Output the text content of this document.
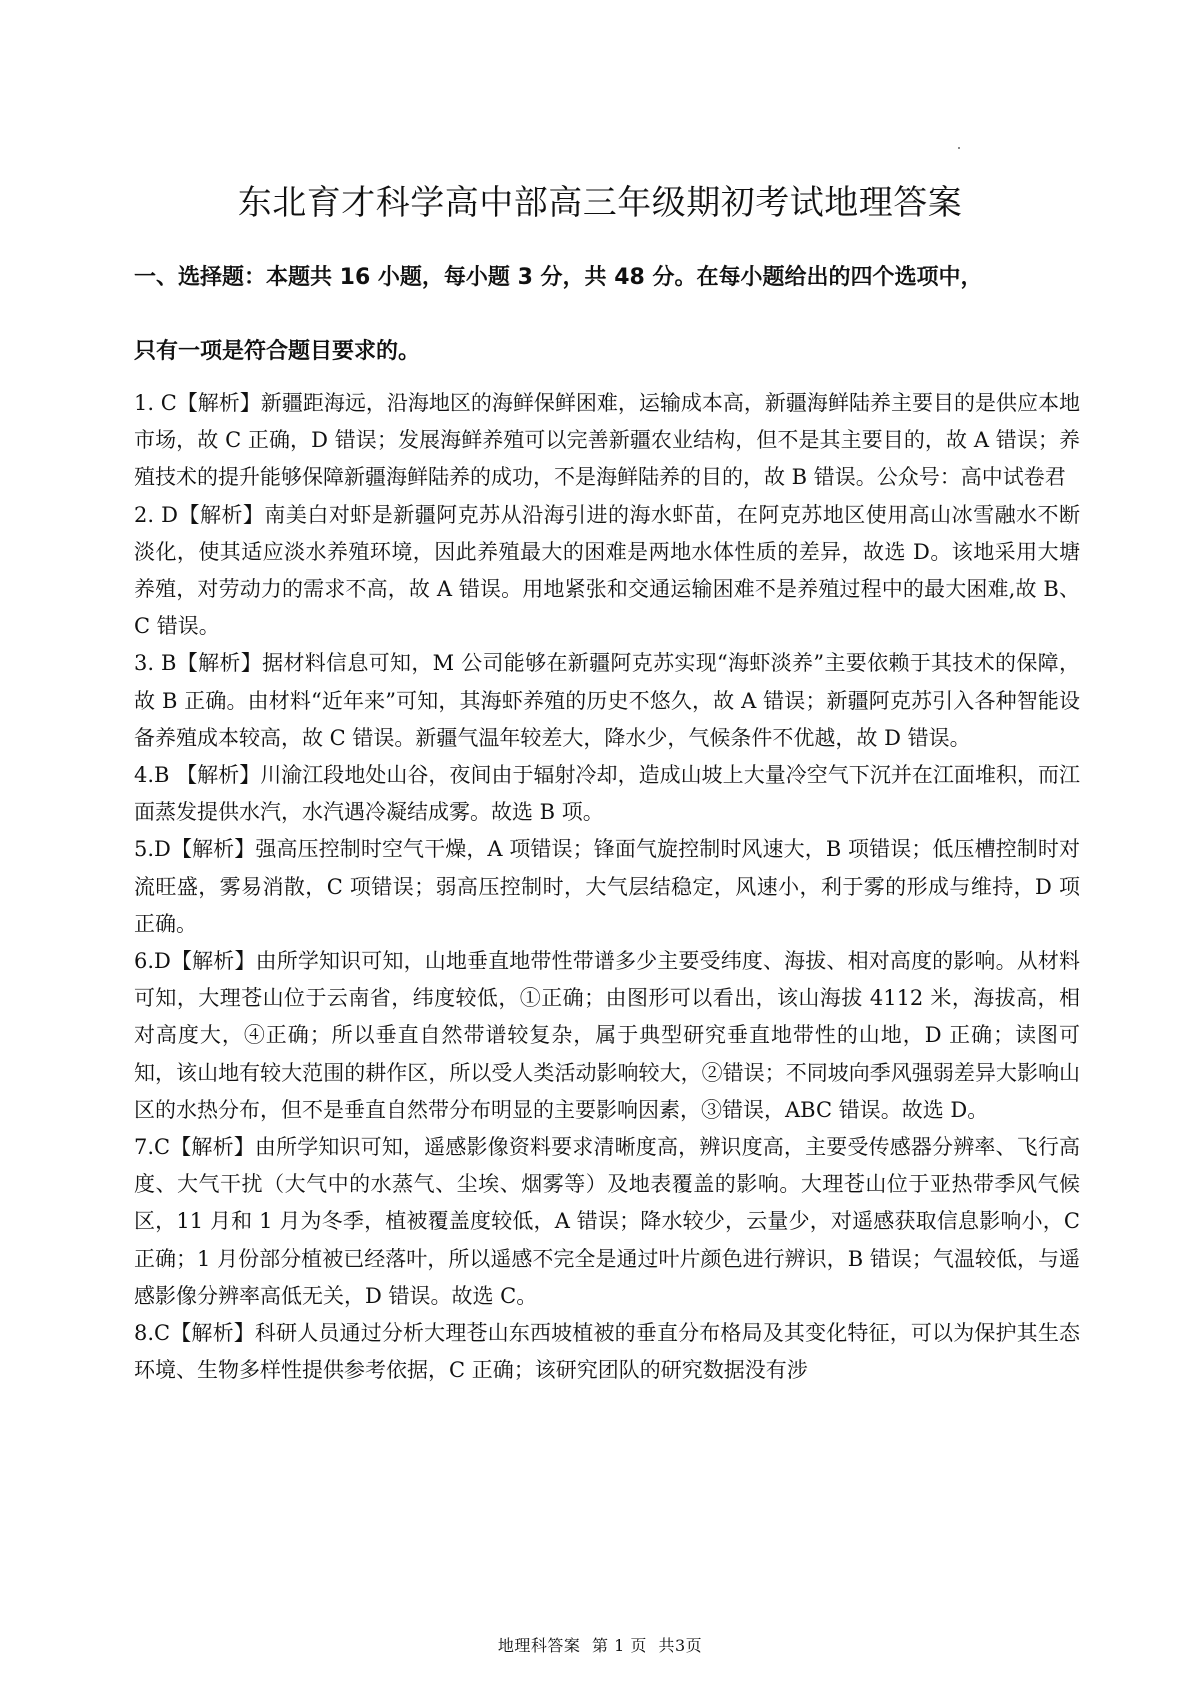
东北育才科学高中部高三年级期初考试地理答案

一、选择题：本题共 16 小题，每小题 3 分，共 48 分。在每小题给出的四个选项中，

只有一项是符合题目要求的。

1. C【解析】新疆距海远，沿海地区的海鲜保鲜困难，运输成本高，新疆海鲜陆养主要目的是供应本地市场，故 C 正确，D 错误；发展海鲜养殖可以完善新疆农业结构，但不是其主要目的，故 A 错误；养殖技术的提升能够保障新疆海鲜陆养的成功，不是海鲜陆养的目的，故 B 错误。公众号：高中试卷君
2. D【解析】南美白对虾是新疆阿克苏从沿海引进的海水虾苗，在阿克苏地区使用高山冰雪融水不断淡化，使其适应淡水养殖环境，因此养殖最大的困难是两地水体性质的差异，故选 D。该地采用大塘养殖，对劳动力的需求不高，故 A 错误。用地紧张和交通运输困难不是养殖过程中的最大困难,故 B、C 错误。
3. B【解析】据材料信息可知，M 公司能够在新疆阿克苏实现“海虾淡养”主要依赖于其技术的保障，故 B 正确。由材料“近年来”可知，其海虾养殖的历史不悠久，故 A 错误；新疆阿克苏引入各种智能设备养殖成本较高，故 C 错误。新疆气温年较差大，降水少，气候条件不优越，故 D 错误。
4.B 【解析】川渝江段地处山谷，夜间由于辐射冷却，造成山坡上大量冷空气下沉并在江面堆积，而江面蒸发提供水汽，水汽遇冷凝结成雾。故选 B 项。
5.D【解析】强高压控制时空气干燥，A 项错误；锋面气旋控制时风速大，B 项错误；低压槽控制时对流旺盛，雾易消散，C 项错误；弱高压控制时，大气层结稳定，风速小，利于雾的形成与维持，D 项正确。
6.D【解析】由所学知识可知，山地垂直地带性带谱多少主要受纬度、海拔、相对高度的影响。从材料可知，大理苍山位于云南省，纬度较低，①正确；由图形可以看出，该山海拔 4112 米，海拔高，相对高度大，④正确；所以垂直自然带谱较复杂，属于典型研究垂直地带性的山地，D 正确；读图可知，该山地有较大范围的耕作区，所以受人类活动影响较大，②错误；不同坡向季风强弱差异大影响山区的水热分布，但不是垂直自然带分布明显的主要影响因素，③错误，ABC 错误。故选 D。
7.C【解析】由所学知识可知，遥感影像资料要求清晰度高，辨识度高，主要受传感器分辨率、飞行高度、大气干扰（大气中的水蒸气、尘埃、烟雾等）及地表覆盖的影响。大理苍山位于亚热带季风气候区，11 月和 1 月为冬季，植被覆盖度较低，A 错误；降水较少，云量少，对遥感获取信息影响小，C 正确；1 月份部分植被已经落叶，所以遥感不完全是通过叶片颜色进行辨识，B 错误；气温较低，与遥感影像分辨率高低无关，D 错误。故选 C。
8.C【解析】科研人员通过分析大理苍山东西坡植被的垂直分布格局及其变化特征，可以为保护其生态环境、生物多样性提供参考依据，C 正确；该研究团队的研究数据没有涉
地理科答案 第 1 页 共3页
